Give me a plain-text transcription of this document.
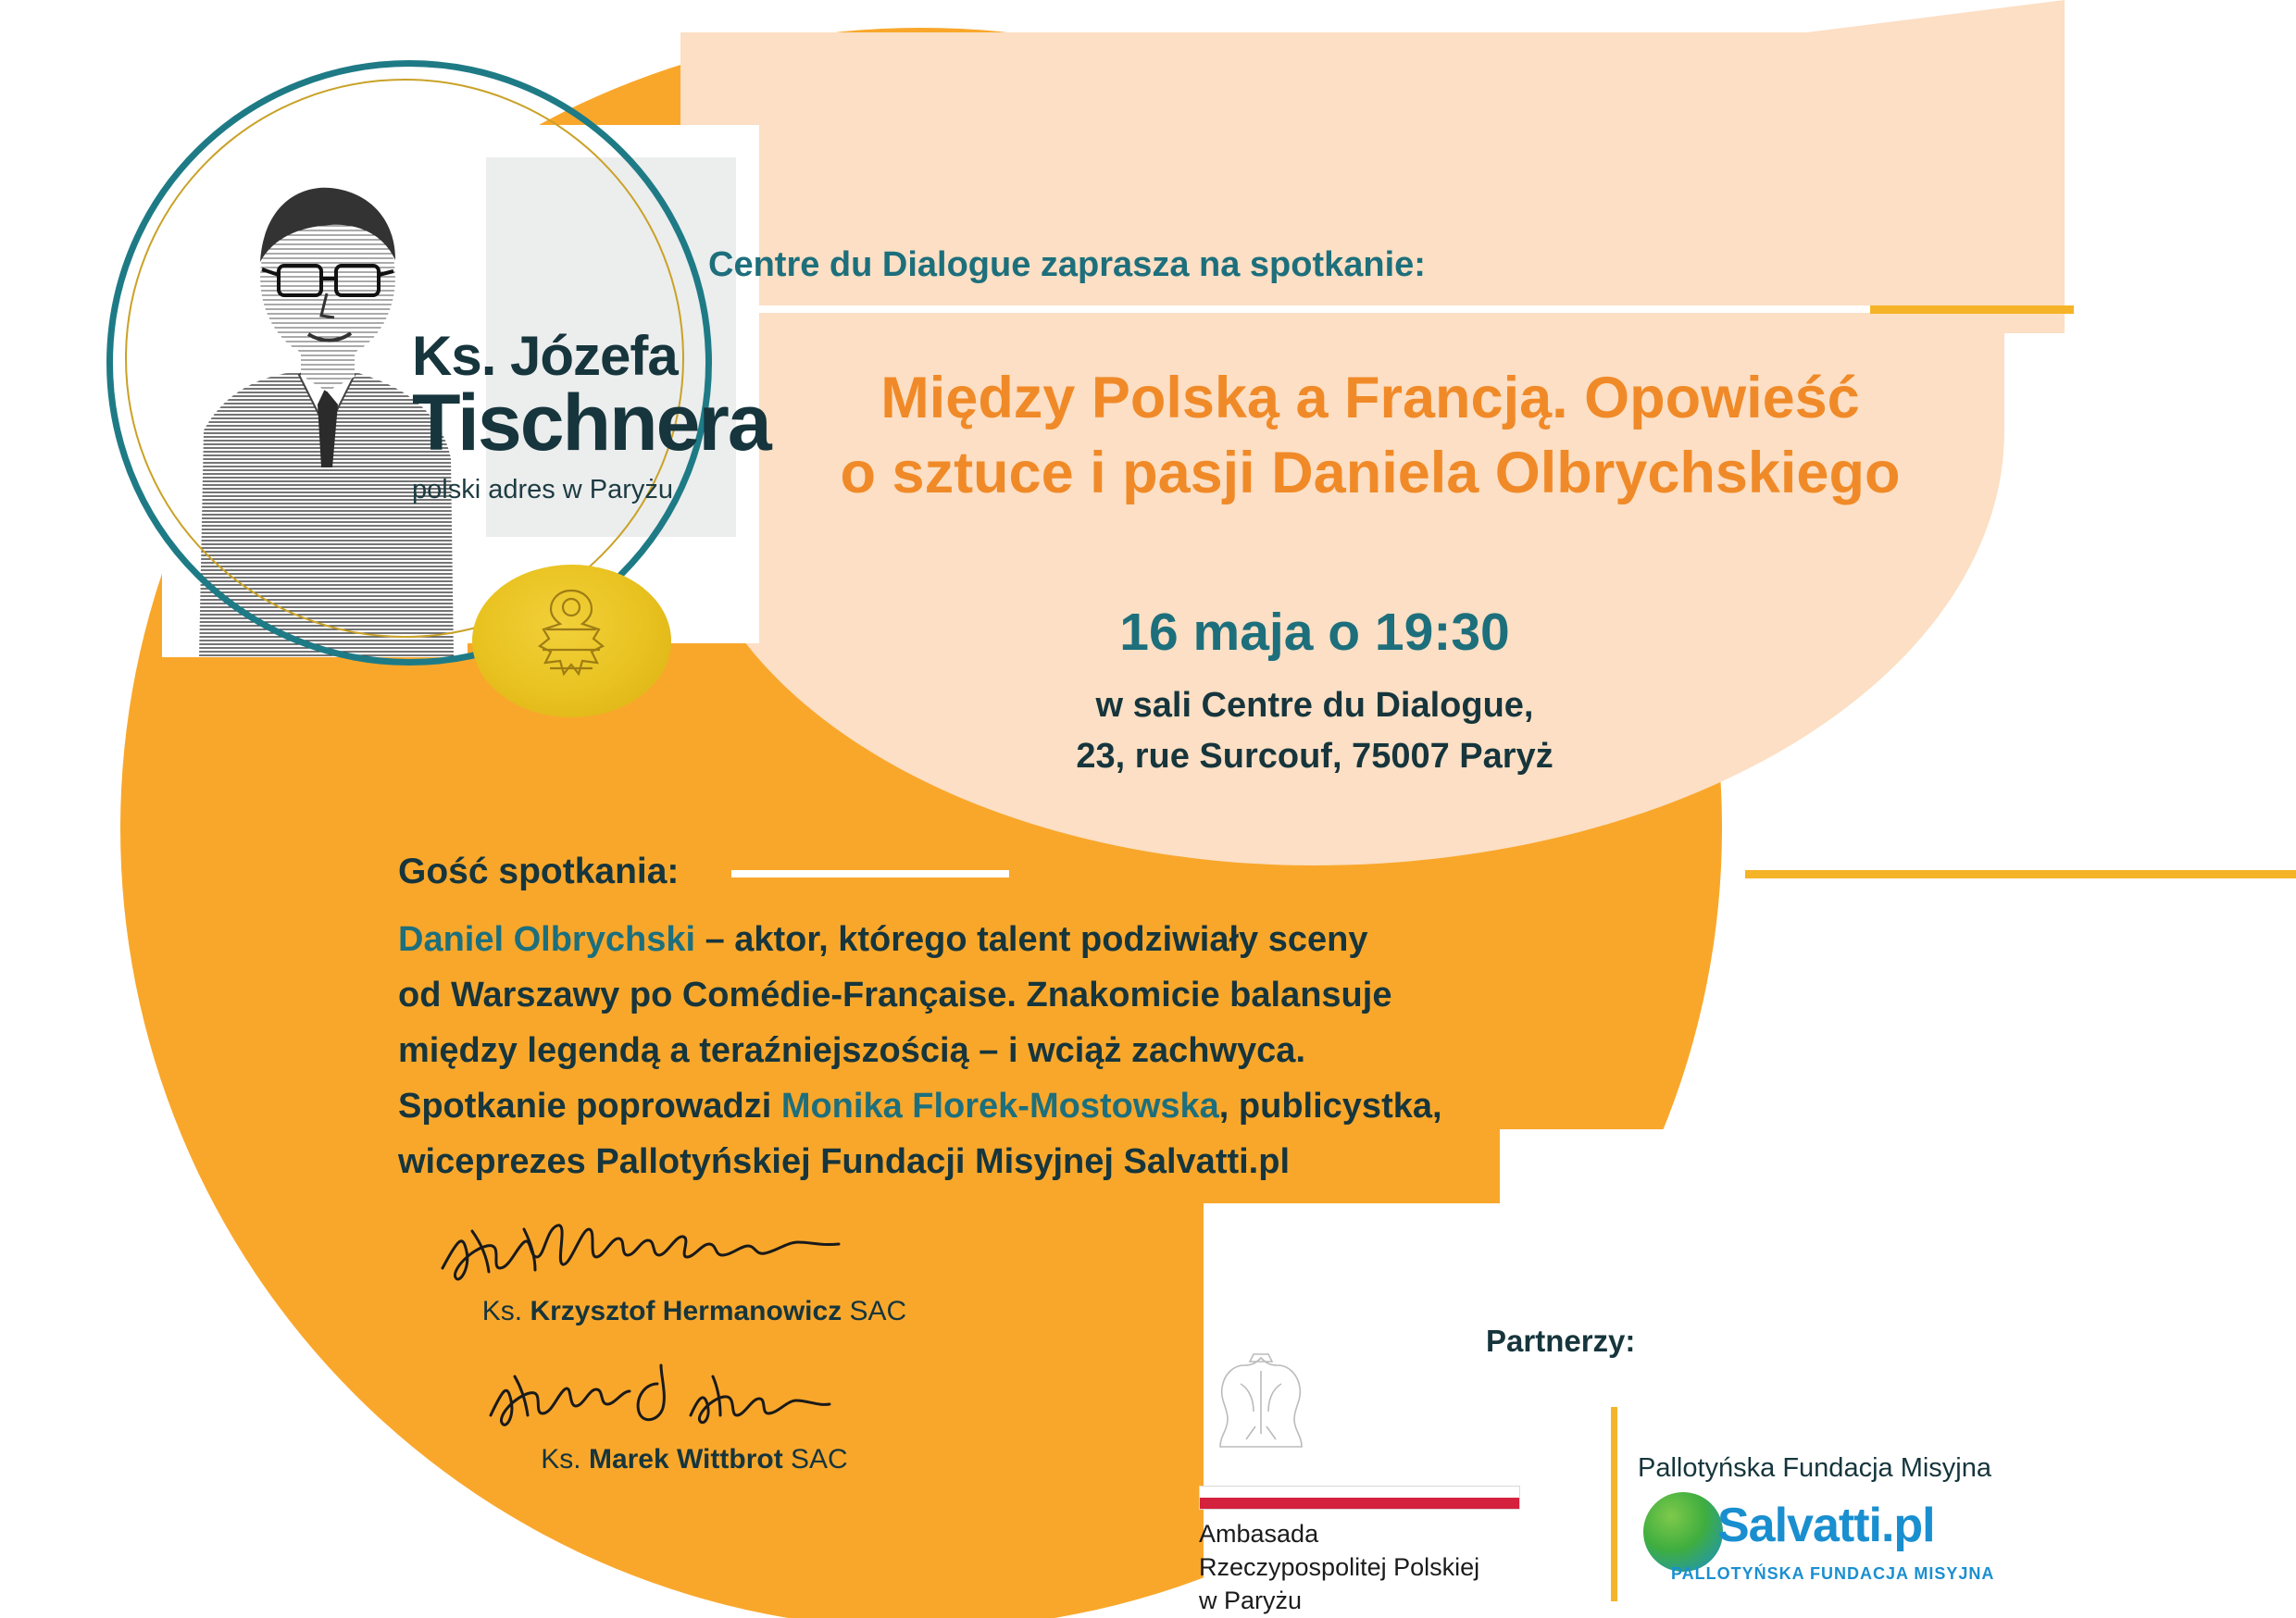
Ks. Józefa
Tischnera
polski adres w Paryżu
Centre du Dialogue zaprasza na spotkanie:
Między Polską a Francją. Opowieść
o sztuce i pasji Daniela Olbrychskiego
16 maja o 19:30
w sali Centre du Dialogue,
23, rue Surcouf, 75007 Paryż
Gość spotkania:
Daniel Olbrychski – aktor, którego talent podziwiały sceny
od Warszawy po Comédie-Française. Znakomicie balansuje
między legendą a teraźniejszością – i wciąż zachwyca.
Spotkanie poprowadzi Monika Florek-Mostowska, publicystka,
wiceprezes Pallotyńskiej Fundacji Misyjnej Salvatti.pl
Ks. Krzysztof Hermanowicz SAC
Ks. Marek Wittbrot SAC
Partnerzy:
Ambasada
Rzeczypospolitej Polskiej
w Paryżu
Pallotyńska Fundacja Misyjna
Salvatti.pl
PALLOTYŃSKA FUNDACJA MISYJNA
